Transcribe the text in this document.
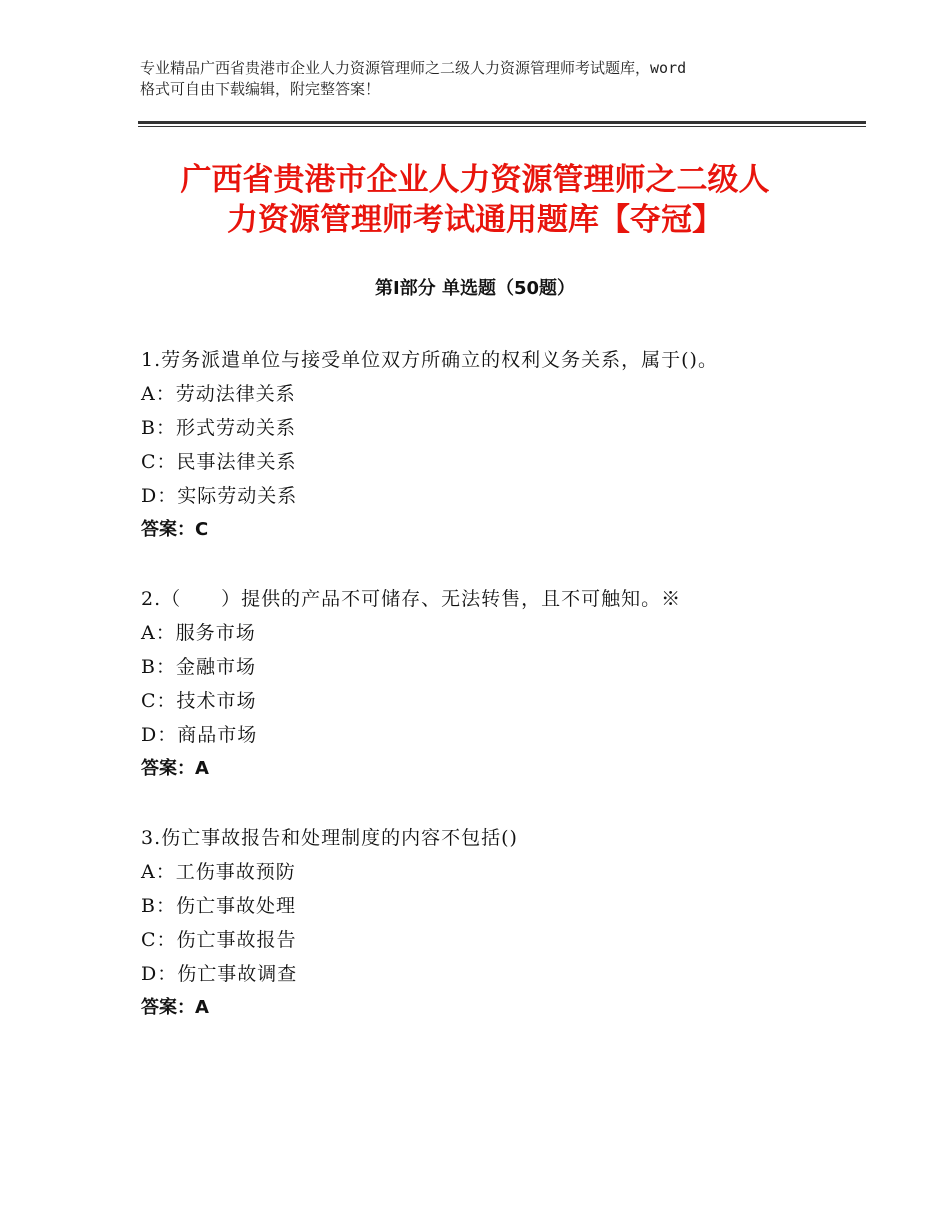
专业精品广西省贵港市企业人力资源管理师之二级人力资源管理师考试题库，word
格式可自由下载编辑，附完整答案！
广西省贵港市企业人力资源管理师之二级人
力资源管理师考试通用题库【夺冠】
第Ⅰ部分 单选题（50题）
1.劳务派遣单位与接受单位双方所确立的权利义务关系，属于()。
A：劳动法律关系
B：形式劳动关系
C：民事法律关系
D：实际劳动关系
答案：C
2.（　　）提供的产品不可储存、无法转售，且不可触知。※
A：服务市场
B：金融市场
C：技术市场
D：商品市场
答案：A
3.伤亡事故报告和处理制度的内容不包括()
A：工伤事故预防
B：伤亡事故处理
C：伤亡事故报告
D：伤亡事故调查
答案：A
